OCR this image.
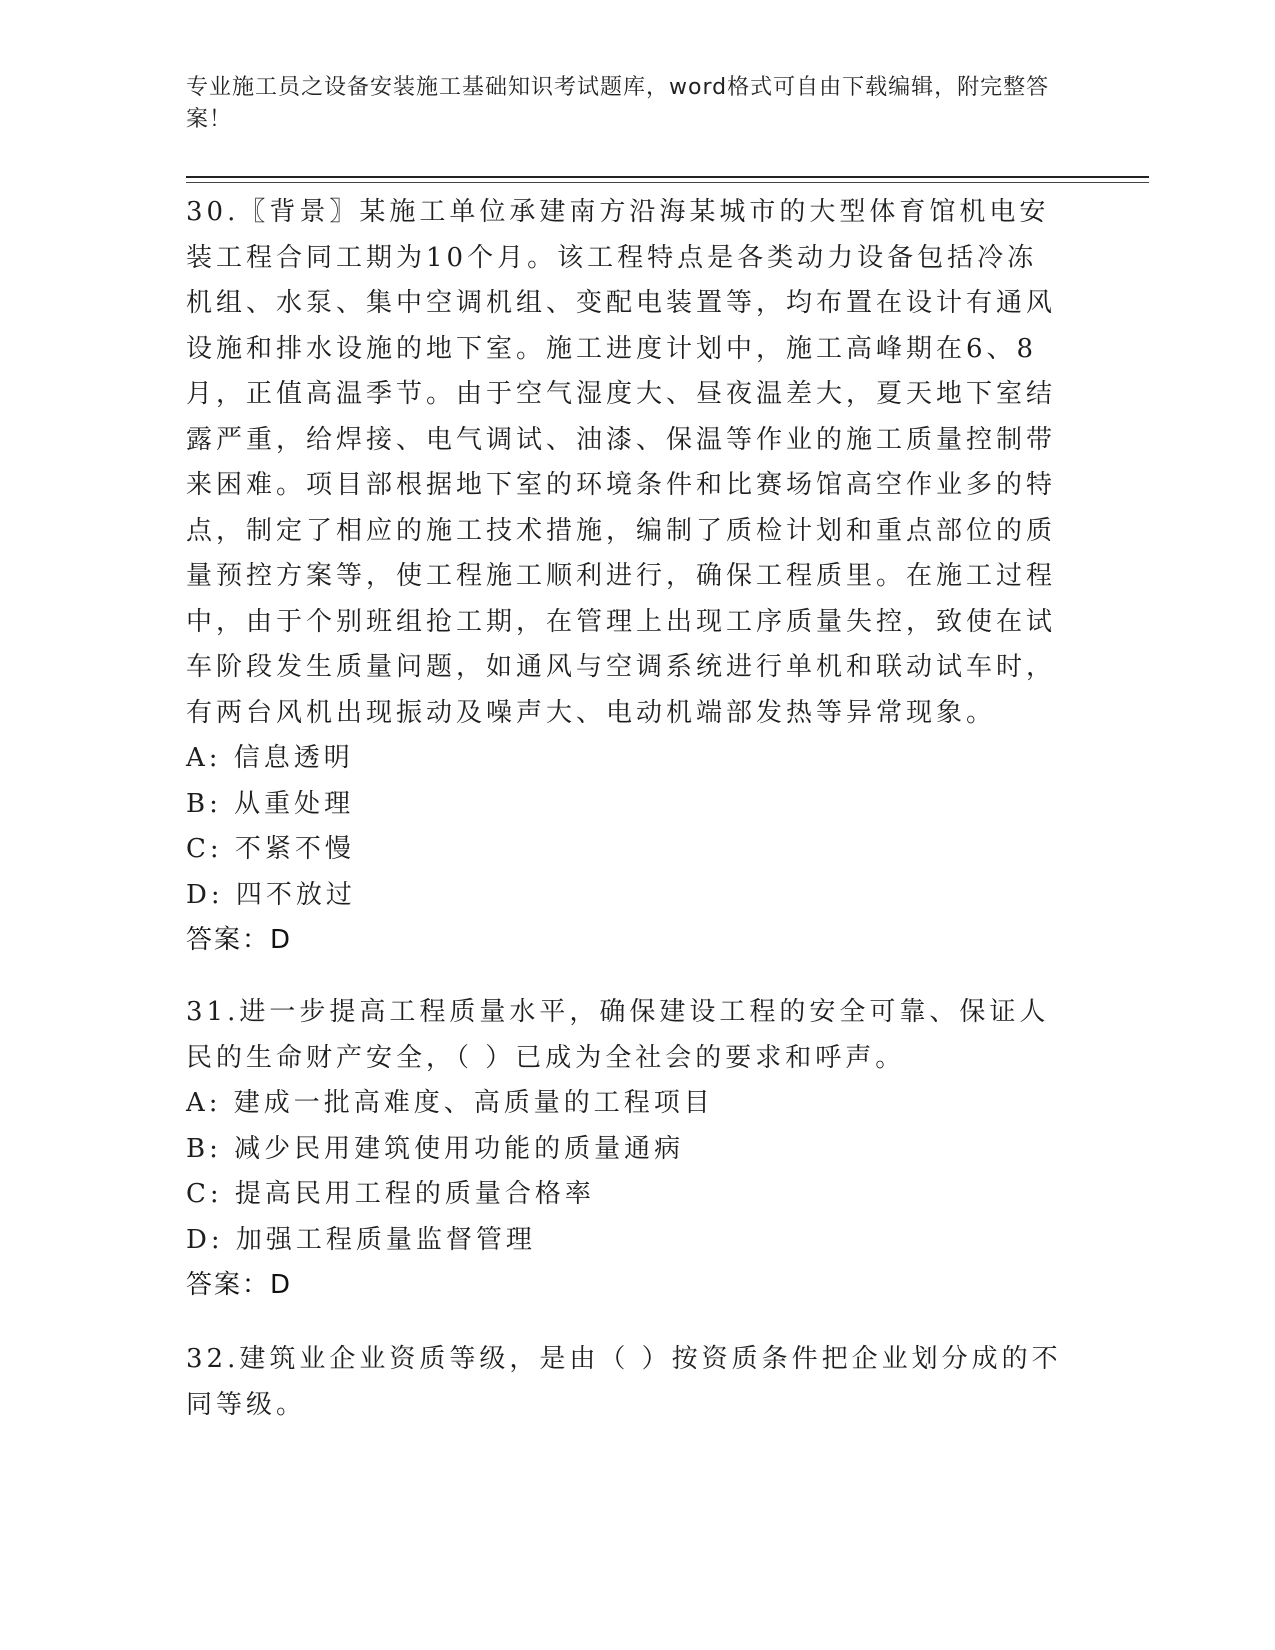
专业施工员之设备安装施工基础知识考试题库，word格式可自由下载编辑，附完整答案！

30.〖背景〗某施工单位承建南方沿海某城市的大型体育馆机电安装工程合同工期为10个月。该工程特点是各类动力设备包括冷冻机组、水泵、集中空调机组、变配电装置等，均布置在设计有通风设施和排水设施的地下室。施工进度计划中，施工高峰期在6、8月，正值高温季节。由于空气湿度大、昼夜温差大，夏天地下室结露严重，给焊接、电气调试、油漆、保温等作业的施工质量控制带来困难。项目部根据地下室的环境条件和比赛场馆高空作业多的特点，制定了相应的施工技术措施，编制了质检计划和重点部位的质量预控方案等，使工程施工顺利进行，确保工程质里。在施工过程中，由于个别班组抢工期，在管理上出现工序质量失控，致使在试车阶段发生质量问题，如通风与空调系统进行单机和联动试车时，有两台风机出现振动及噪声大、电动机端部发热等异常现象。

A: 信息透明

B: 从重处理

C: 不紧不慢

D: 四不放过

答案：D

31.进一步提高工程质量水平，确保建设工程的安全可靠、保证人民的生命财产安全，（ ）已成为全社会的要求和呼声。

A: 建成一批高难度、高质量的工程项目

B: 减少民用建筑使用功能的质量通病

C: 提高民用工程的质量合格率

D: 加强工程质量监督管理

答案：D

32.建筑业企业资质等级，是由（ ）按资质条件把企业划分成的不同等级。
